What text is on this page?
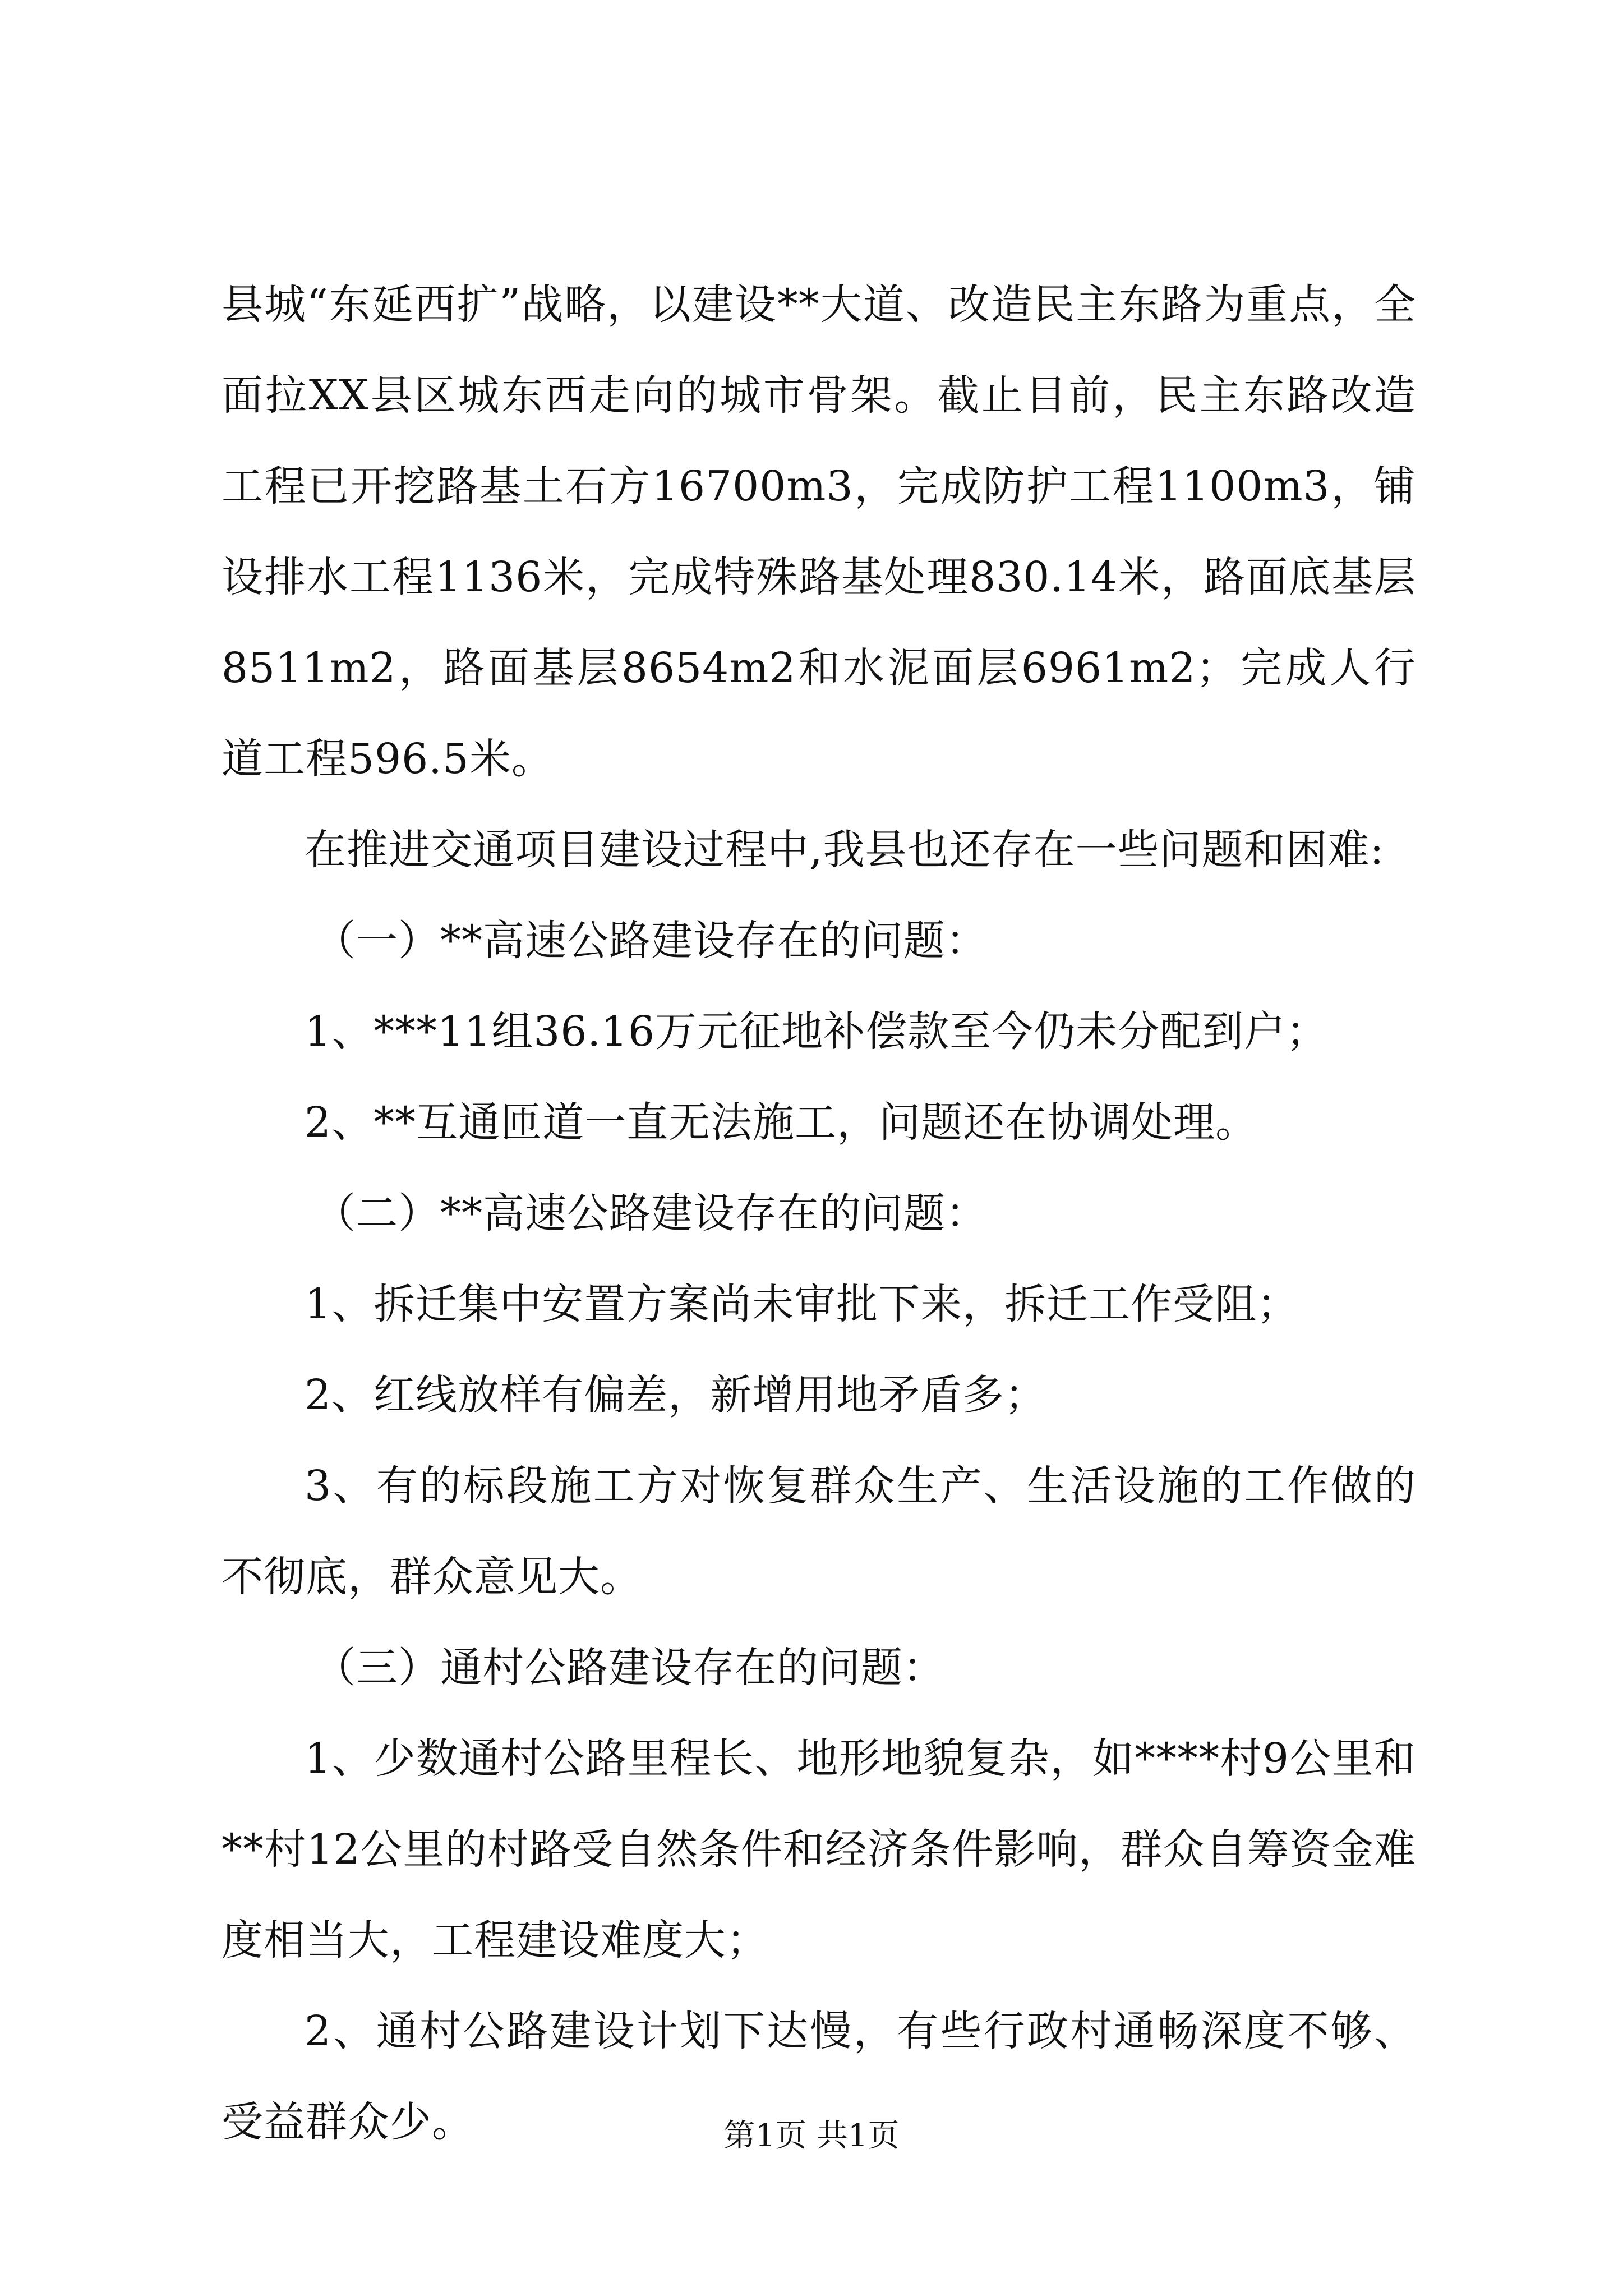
县城“东延西扩”战略，以建设**大道、改造民主东路为重点，全面拉XX县区城东西走向的城市骨架。截止目前，民主东路改造工程已开挖路基土石方16700m3，完成防护工程1100m3，铺设排水工程1136米，完成特殊路基处理830.14米，路面底基层8511m2，路面基层8654m2和水泥面层6961m2；完成人行道工程596.5米。

在推进交通项目建设过程中,我县也还存在一些问题和困难:

（一）**高速公路建设存在的问题：

1、***11组36.16万元征地补偿款至今仍未分配到户；

2、**互通匝道一直无法施工，问题还在协调处理。

（二）**高速公路建设存在的问题：

1、拆迁集中安置方案尚未审批下来，拆迁工作受阻；

2、红线放样有偏差，新增用地矛盾多；

3、有的标段施工方对恢复群众生产、生活设施的工作做的不彻底，群众意见大。

（三）通村公路建设存在的问题：

1、少数通村公路里程长、地形地貌复杂，如****村9公里和**村12公里的村路受自然条件和经济条件影响，群众自筹资金难度相当大，工程建设难度大；

2、通村公路建设计划下达慢，有些行政村通畅深度不够、受益群众少。	第1页 共1页
